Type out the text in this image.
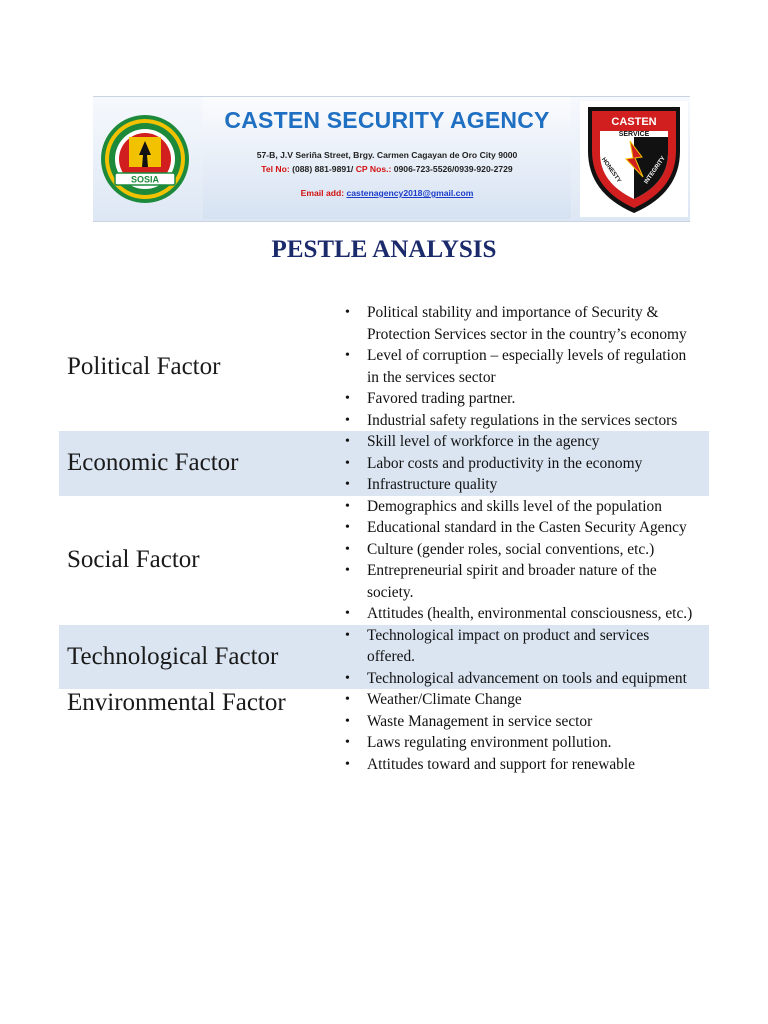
SOSIA
CASTEN SECURITY AGENCY
57-B, J.V Seriña Street, Brgy. Carmen Cagayan de Oro City 9000
Tel No: (088) 881-9891/ CP Nos.: 0906-723-5526/0939-920-2729
Email add: castenagency2018@gmail.com
CASTEN
SERVICE
HONESTY	INTEGRITY
PESTLE ANALYSIS
Political Factor
• Political stability and importance of Security & Protection Services sector in the country’s economy
• Level of corruption – especially levels of regulation in the services sector
• Favored trading partner.
• Industrial safety regulations in the services sectors
Economic Factor
• Skill level of workforce in the agency
• Labor costs and productivity in the economy
• Infrastructure quality
Social Factor
• Demographics and skills level of the population
• Educational standard in the Casten Security Agency
• Culture (gender roles, social conventions, etc.)
• Entrepreneurial spirit and broader nature of the society.
• Attitudes (health, environmental consciousness, etc.)
Technological Factor
• Technological impact on product and services offered.
• Technological advancement on tools and equipment
Environmental Factor
•	Weather/Climate Change
• Waste Management in service sector
• Laws regulating environment pollution.
• Attitudes toward and support for renewable
